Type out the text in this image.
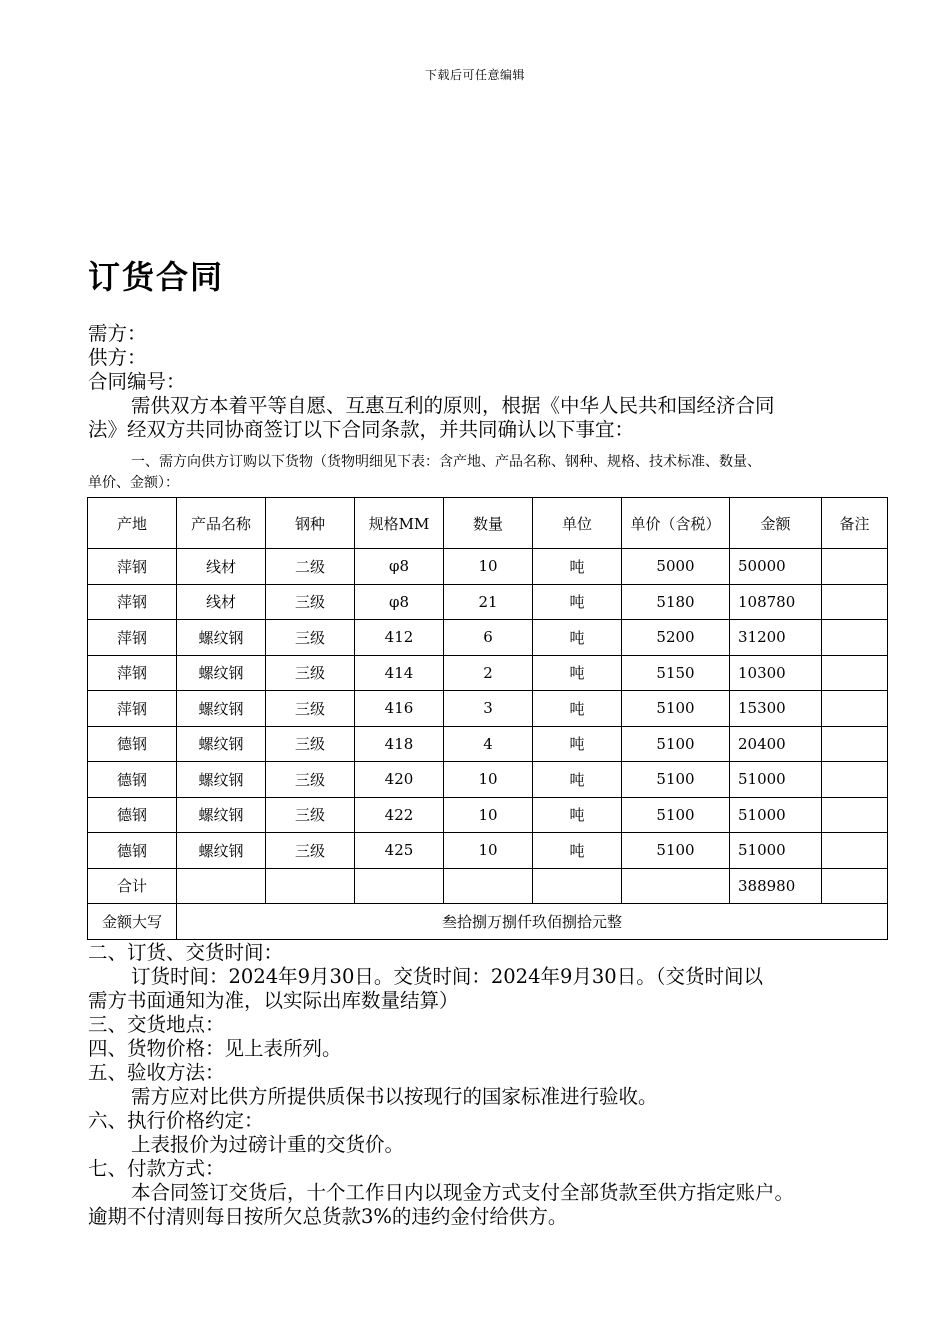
下载后可任意编辑
订货合同
需方：
供方：
合同编号：
需供双方本着平等自愿、互惠互利的原则，根据《中华人民共和国经济合同
法》经双方共同协商签订以下合同条款，并共同确认以下事宜：
一、需方向供方订购以下货物（货物明细见下表：含产地、产品名称、钢种、规格、技术标准、数量、
单价、金额）：
产地	产品名称	钢种	规格MM	数量	单位	单价（含税）	金额	备注
萍钢	线材	二级	φ8	10	吨	5000	50000	
萍钢	线材	三级	φ8	21	吨	5180	108780	
萍钢	螺纹钢	三级	412	6	吨	5200	31200	
萍钢	螺纹钢	三级	414	2	吨	5150	10300	
萍钢	螺纹钢	三级	416	3	吨	5100	15300	
德钢	螺纹钢	三级	418	4	吨	5100	20400	
德钢	螺纹钢	三级	420	10	吨	5100	51000	
德钢	螺纹钢	三级	422	10	吨	5100	51000	
德钢	螺纹钢	三级	425	10	吨	5100	51000	
合计							388980	
金额大写	叁拾捌万捌仟玖佰捌拾元整							
二、订货、交货时间：
订货时间：2024年9月30日。交货时间：2024年9月30日。（交货时间以
需方书面通知为准，以实际出库数量结算）
三、交货地点：
四、货物价格：见上表所列。
五、验收方法：
需方应对比供方所提供质保书以按现行的国家标准进行验收。
六、执行价格约定：
上表报价为过磅计重的交货价。
七、付款方式：
本合同签订交货后，十个工作日内以现金方式支付全部货款至供方指定账户。
逾期不付清则每日按所欠总货款3%的违约金付给供方。
